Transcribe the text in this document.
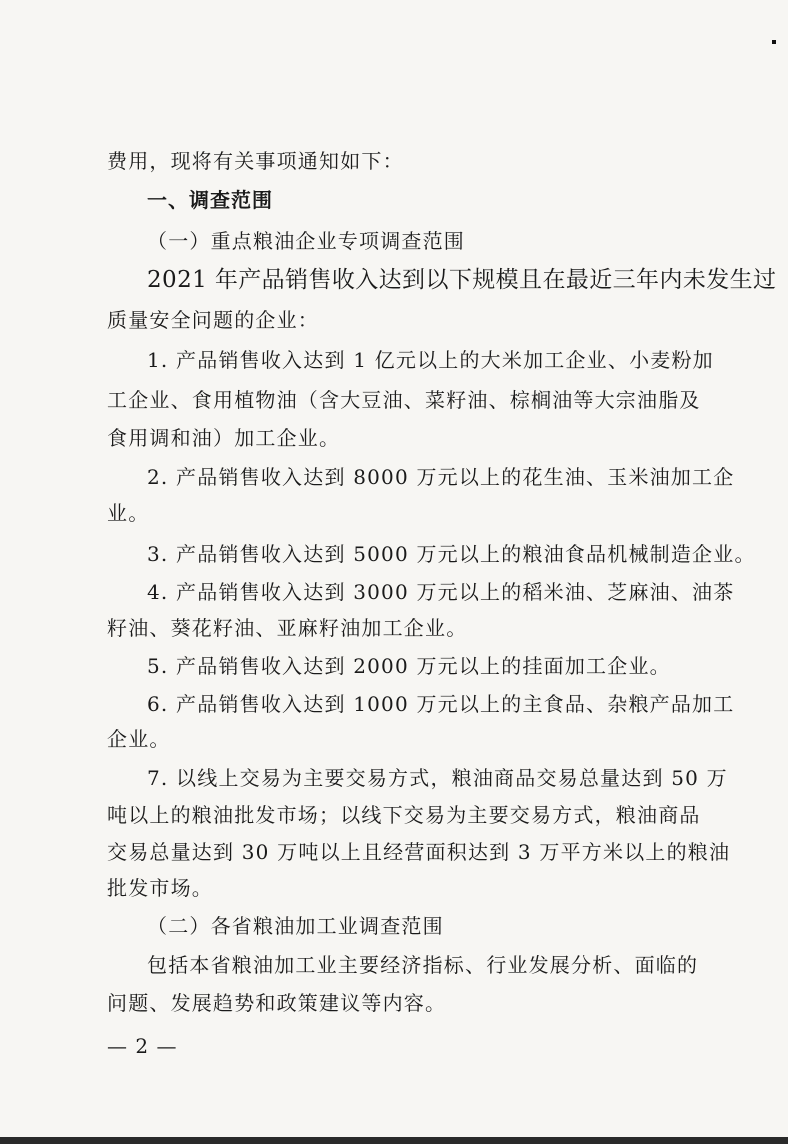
费用，现将有关事项通知如下：
一、调查范围
（一）重点粮油企业专项调查范围
2021 年产品销售收入达到以下规模且在最近三年内未发生过
质量安全问题的企业：
1. 产品销售收入达到 1 亿元以上的大米加工企业、小麦粉加
工企业、食用植物油（含大豆油、菜籽油、棕榈油等大宗油脂及
食用调和油）加工企业。
2. 产品销售收入达到 8000 万元以上的花生油、玉米油加工企
业。
3. 产品销售收入达到 5000 万元以上的粮油食品机械制造企业。
4. 产品销售收入达到 3000 万元以上的稻米油、芝麻油、油茶
籽油、葵花籽油、亚麻籽油加工企业。
5. 产品销售收入达到 2000 万元以上的挂面加工企业。
6. 产品销售收入达到 1000 万元以上的主食品、杂粮产品加工
企业。
7. 以线上交易为主要交易方式，粮油商品交易总量达到 50 万
吨以上的粮油批发市场；以线下交易为主要交易方式，粮油商品
交易总量达到 30 万吨以上且经营面积达到 3 万平方米以上的粮油
批发市场。
（二）各省粮油加工业调查范围
包括本省粮油加工业主要经济指标、行业发展分析、面临的
问题、发展趋势和政策建议等内容。
— 2 —
